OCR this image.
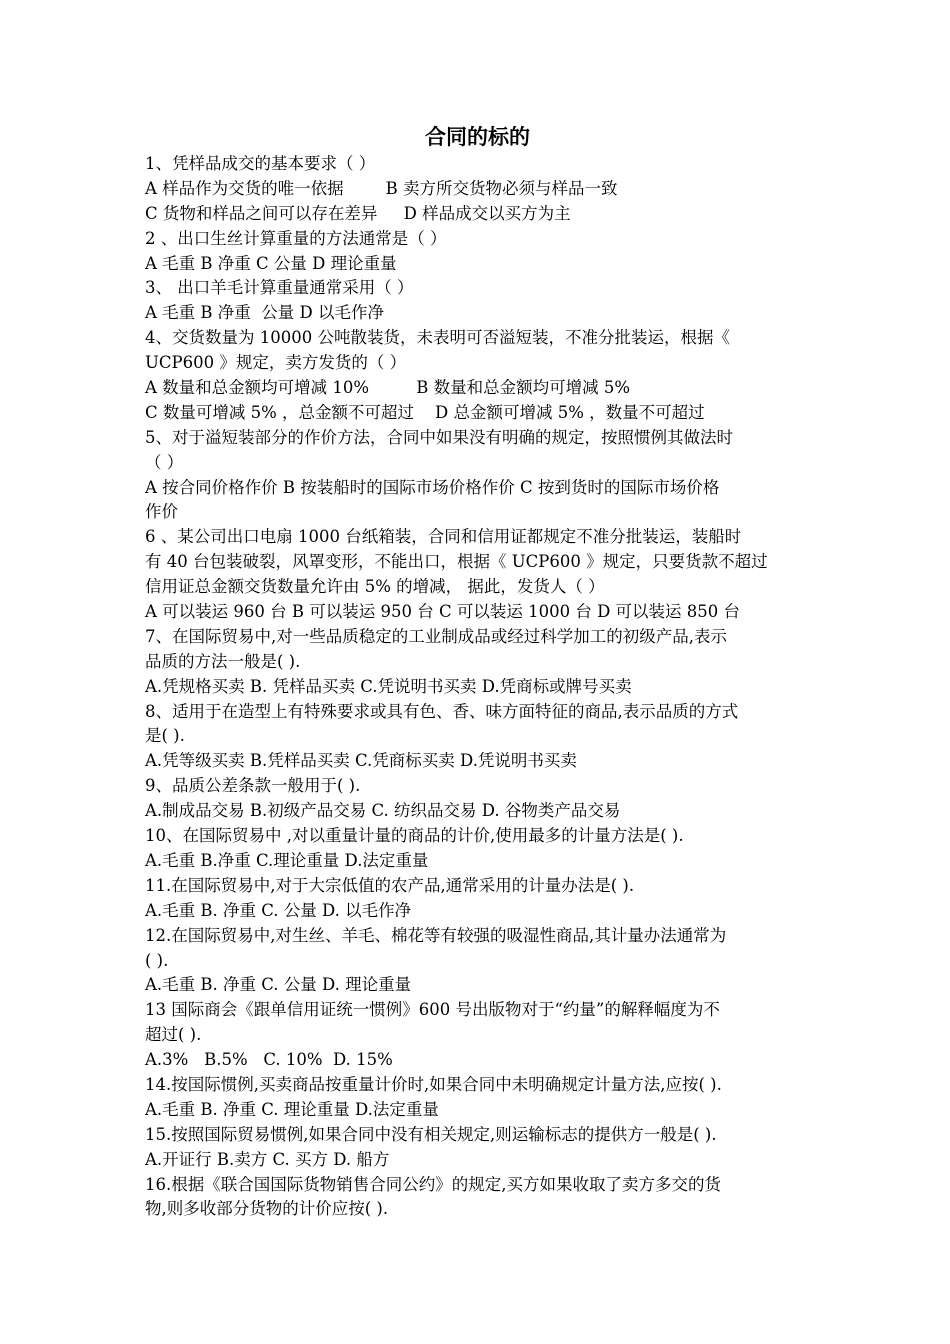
合同的标的

1、凭样品成交的基本要求（ ）

A 样品作为交货的唯一依据        B 卖方所交货物必须与样品一致

C 货物和样品之间可以存在差异     D 样品成交以买方为主

2 、出口生丝计算重量的方法通常是（ ）

A 毛重 B 净重 C 公量 D 理论重量

3、 出口羊毛计算重量通常采用（ ）

A 毛重 B 净重  公量 D 以毛作净

4、交货数量为 10000 公吨散装货，未表明可否溢短装，不准分批装运，根据《

UCP600 》规定，卖方发货的（ ）

A 数量和总金额均可增减 10%         B 数量和总金额均可增减 5%

C 数量可增减 5% ，总金额不可超过    D 总金额可增减 5% ，数量不可超过

5、对于溢短装部分的作价方法，合同中如果没有明确的规定，按照惯例其做法时

（ ）

A 按合同价格作价 B 按装船时的国际市场价格作价 C 按到货时的国际市场价格

作价

6 、某公司出口电扇 1000 台纸箱装，合同和信用证都规定不准分批装运，装船时

有 40 台包装破裂，风罩变形，不能出口，根据《 UCP600 》规定，只要货款不超过

信用证总金额交货数量允许由 5% 的增减， 据此，发货人（ ）

A 可以装运 960 台 B 可以装运 950 台 C 可以装运 1000 台 D 可以装运 850 台

7、在国际贸易中,对一些品质稳定的工业制成品或经过科学加工的初级产品,表示

品质的方法一般是( ).

A.凭规格买卖 B. 凭样品买卖 C.凭说明书买卖 D.凭商标或牌号买卖

8、适用于在造型上有特殊要求或具有色、香、味方面特征的商品,表示品质的方式

是( ).

A.凭等级买卖 B.凭样品买卖 C.凭商标买卖 D.凭说明书买卖

9、品质公差条款一般用于( ).

A.制成品交易 B.初级产品交易 C. 纺织品交易 D. 谷物类产品交易

10、在国际贸易中 ,对以重量计量的商品的计价,使用最多的计量方法是( ).

A.毛重 B.净重 C.理论重量 D.法定重量

11.在国际贸易中,对于大宗低值的农产品,通常采用的计量办法是( ).

A.毛重 B. 净重 C. 公量 D. 以毛作净

12.在国际贸易中,对生丝、羊毛、棉花等有较强的吸湿性商品,其计量办法通常为

( ).

A.毛重 B. 净重 C. 公量 D. 理论重量

13 国际商会《跟单信用证统一惯例》600 号出版物对于“约量”的解释幅度为不

超过( ).

A.3%   B.5%   C. 10%  D. 15%

14.按国际惯例,买卖商品按重量计价时,如果合同中未明确规定计量方法,应按( ).

A.毛重 B. 净重 C. 理论重量 D.法定重量

15.按照国际贸易惯例,如果合同中没有相关规定,则运输标志的提供方一般是( ).

A.开证行 B.卖方 C. 买方 D. 船方

16.根据《联合国国际货物销售合同公约》的规定,买方如果收取了卖方多交的货

物,则多收部分货物的计价应按( ).
